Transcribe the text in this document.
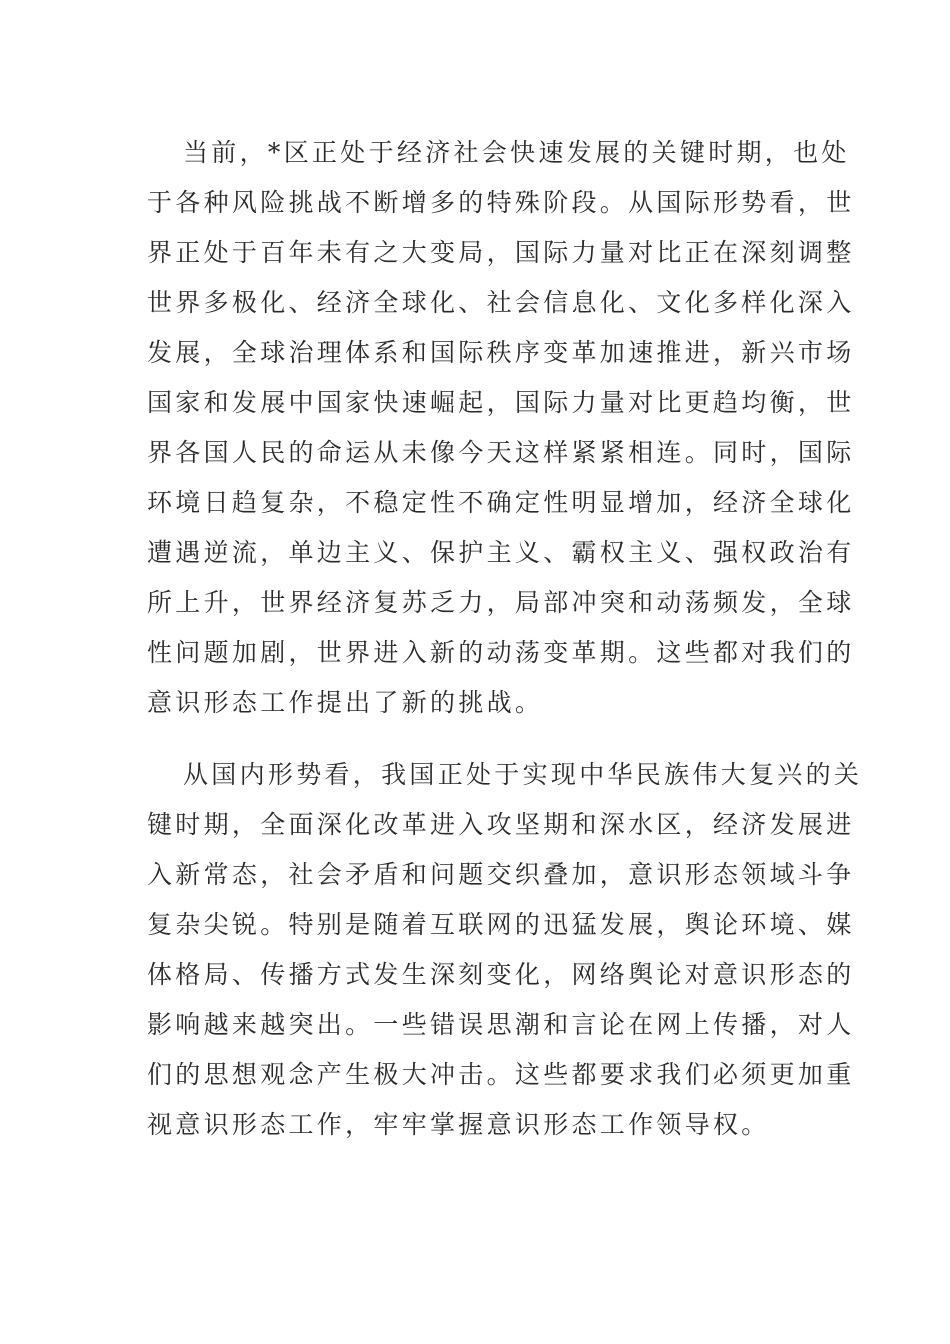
当前，*区正处于经济社会快速发展的关键时期，也处
于各种风险挑战不断增多的特殊阶段。从国际形势看，世
界正处于百年未有之大变局，国际力量对比正在深刻调整
世界多极化、经济全球化、社会信息化、文化多样化深入
发展，全球治理体系和国际秩序变革加速推进，新兴市场
国家和发展中国家快速崛起，国际力量对比更趋均衡，世
界各国人民的命运从未像今天这样紧紧相连。同时，国际
环境日趋复杂，不稳定性不确定性明显增加，经济全球化
遭遇逆流，单边主义、保护主义、霸权主义、强权政治有
所上升，世界经济复苏乏力，局部冲突和动荡频发，全球
性问题加剧，世界进入新的动荡变革期。这些都对我们的
意识形态工作提出了新的挑战。
从国内形势看，我国正处于实现中华民族伟大复兴的关
键时期，全面深化改革进入攻坚期和深水区，经济发展进
入新常态，社会矛盾和问题交织叠加，意识形态领域斗争
复杂尖锐。特别是随着互联网的迅猛发展，舆论环境、媒
体格局、传播方式发生深刻变化，网络舆论对意识形态的
影响越来越突出。一些错误思潮和言论在网上传播，对人
们的思想观念产生极大冲击。这些都要求我们必须更加重
视意识形态工作，牢牢掌握意识形态工作领导权。
